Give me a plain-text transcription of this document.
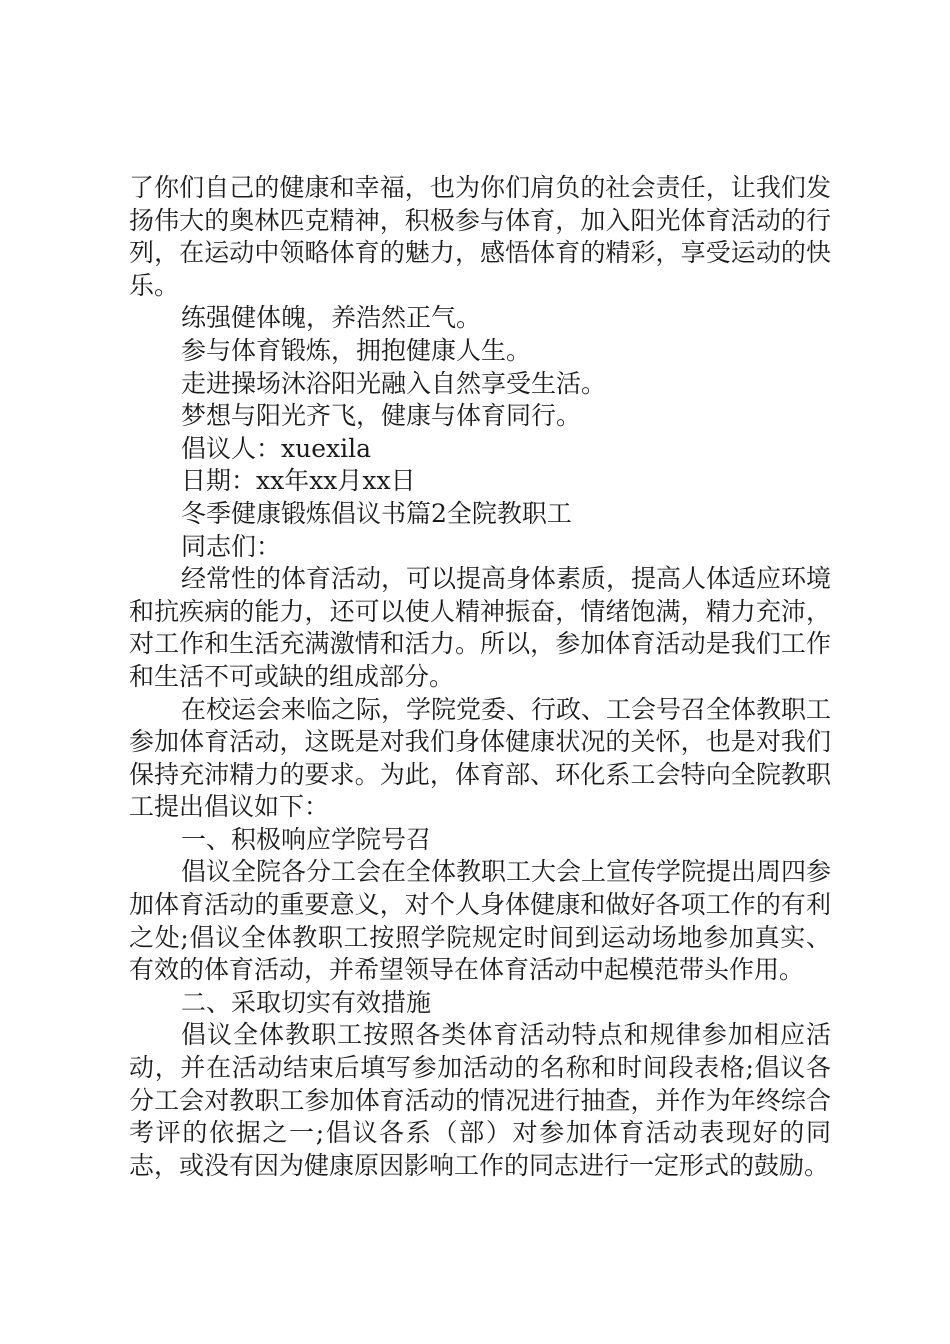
了你们自己的健康和幸福，也为你们肩负的社会责任，让我们发扬伟大的奥林匹克精神，积极参与体育，加入阳光体育活动的行列，在运动中领略体育的魅力，感悟体育的精彩，享受运动的快乐。

练强健体魄，养浩然正气。

参与体育锻炼，拥抱健康人生。

走进操场沐浴阳光融入自然享受生活。

梦想与阳光齐飞，健康与体育同行。

倡议人：xuexila

日期：xx年xx月xx日

冬季健康锻炼倡议书篇2全院教职工

同志们：

经常性的体育活动，可以提高身体素质，提高人体适应环境和抗疾病的能力，还可以使人精神振奋，情绪饱满，精力充沛，对工作和生活充满激情和活力。所以，参加体育活动是我们工作和生活不可或缺的组成部分。

在校运会来临之际，学院党委、行政、工会号召全体教职工参加体育活动，这既是对我们身体健康状况的关怀，也是对我们保持充沛精力的要求。为此，体育部、环化系工会特向全院教职工提出倡议如下：

一、积极响应学院号召

倡议全院各分工会在全体教职工大会上宣传学院提出周四参加体育活动的重要意义，对个人身体健康和做好各项工作的有利之处;倡议全体教职工按照学院规定时间到运动场地参加真实、有效的体育活动，并希望领导在体育活动中起模范带头作用。

二、采取切实有效措施

倡议全体教职工按照各类体育活动特点和规律参加相应活动，并在活动结束后填写参加活动的名称和时间段表格;倡议各分工会对教职工参加体育活动的情况进行抽查，并作为年终综合考评的依据之一;倡议各系（部）对参加体育活动表现好的同志，或没有因为健康原因影响工作的同志进行一定形式的鼓励。
